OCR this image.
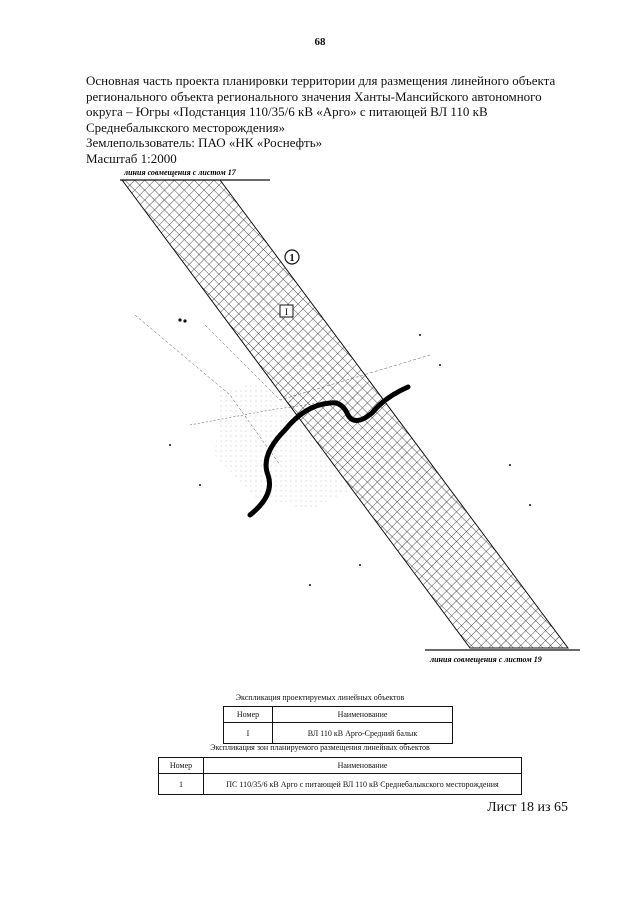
68
Основная часть проекта планировки территории для размещения линейного объекта
регионального объекта регионального значения Ханты-Мансийского автономного
округа – Югры «Подстанция 110/35/6 кВ «Арго» с питающей ВЛ 110 кВ
Среднебалыкского месторождения»
Землепользователь: ПАО «НК «Роснефть»
Масштаб 1:2000
линия совмещения с листом 17
линия совмещения с листом 19
1
I
Экспликация проектируемых линейных объектов
Номер	Наименование
I	ВЛ 110 кВ Арго-Средний балык
Экспликация зон планируемого размещения линейных объектов
Номер	Наименование
1	ПС 110/35/6 кВ Арго с питающей ВЛ 110 кВ Среднебалыкского месторождения
Лист 18 из 65
